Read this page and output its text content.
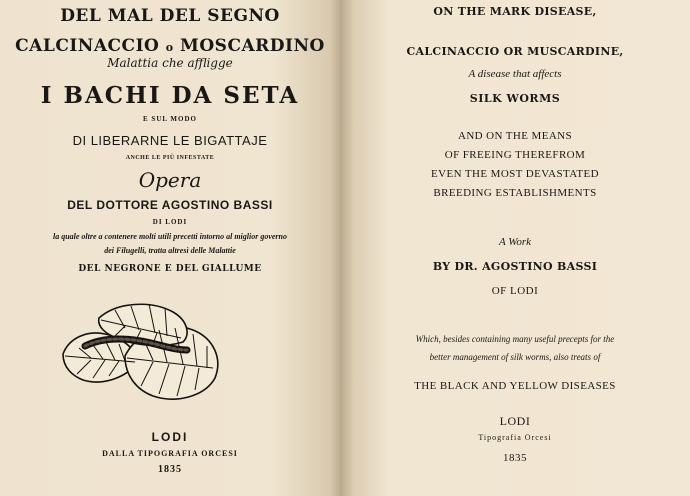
DEL MAL DEL SEGNO
CALCINACCIO o MOSCARDINO
Malattia che affligge
I BACHI DA SETA
E SUL MODO
DI LIBERARNE LE BIGATTAJE
ANCHE LE PIÙ INFESTATE
Opera
DEL DOTTORE AGOSTINO BASSI
DI LODI
la quale oltre a contenere molti utili precetti intorno al miglior governo
dei Filugelli, tratta altresì delle Malattie
DEL NEGRONE E DEL GIALLUME
LODI
DALLA TIPOGRAFIA ORCESI
1835
ON THE MARK DISEASE,
CALCINACCIO OR MUSCARDINE,
A disease that affects
SILK WORMS
AND ON THE MEANS
OF FREEING THEREFROM
EVEN THE MOST DEVASTATED
BREEDING ESTABLISHMENTS
A Work
BY DR. AGOSTINO BASSI
OF LODI
Which, besides containing many useful precepts for the
better management of silk worms, also treats of
THE BLACK AND YELLOW DISEASES
LODI
Tipografia Orcesi
1835
